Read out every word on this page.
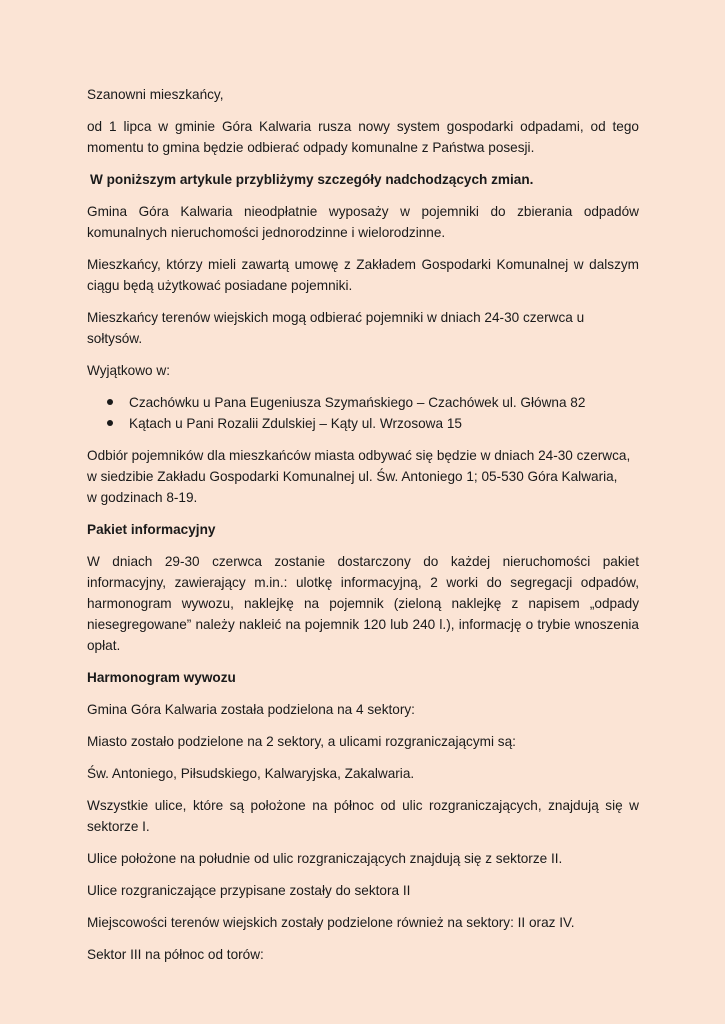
Szanowni mieszkańcy,

od 1 lipca w gminie Góra Kalwaria rusza nowy system gospodarki odpadami, od tego momentu to gmina będzie odbierać odpady komunalne z Państwa posesji.

W poniższym artykule przybliżymy szczegóły nadchodzących zmian.

Gmina Góra Kalwaria nieodpłatnie wyposaży w pojemniki do zbierania odpadów komunalnych nieruchomości jednorodzinne i wielorodzinne.

Mieszkańcy, którzy mieli zawartą umowę z Zakładem Gospodarki Komunalnej w dalszym ciągu będą użytkować posiadane pojemniki.

Mieszkańcy terenów wiejskich mogą odbierać pojemniki w dniach 24-30 czerwca u sołtysów.

Wyjątkowo w:

Czachówku u Pana Eugeniusza Szymańskiego – Czachówek ul. Główna 82
Kątach u Pani Rozalii Zdulskiej – Kąty ul. Wrzosowa 15

Odbiór pojemników dla mieszkańców miasta odbywać się będzie w dniach 24-30 czerwca,
w siedzibie Zakładu Gospodarki Komunalnej ul. Św. Antoniego 1; 05-530 Góra Kalwaria,
w godzinach 8-19.

Pakiet informacyjny

W dniach 29-30 czerwca zostanie dostarczony do każdej nieruchomości pakiet informacyjny, zawierający m.in.: ulotkę informacyjną, 2 worki do segregacji odpadów, harmonogram wywozu, naklejkę na pojemnik (zieloną naklejkę z napisem „odpady niesegregowane” należy nakleić na pojemnik 120 lub 240 l.), informację o trybie wnoszenia opłat.

Harmonogram wywozu

Gmina Góra Kalwaria została podzielona na 4 sektory:

Miasto zostało podzielone na 2 sektory, a ulicami rozgraniczającymi są:

Św. Antoniego, Piłsudskiego, Kalwaryjska, Zakalwaria.

Wszystkie ulice, które są położone na północ od ulic rozgraniczających, znajdują się w sektorze I.

Ulice położone na południe od ulic rozgraniczających znajdują się z sektorze II.

Ulice rozgraniczające przypisane zostały do sektora II

Miejscowości terenów wiejskich zostały podzielone również na sektory: II oraz IV.

Sektor III na północ od torów:
